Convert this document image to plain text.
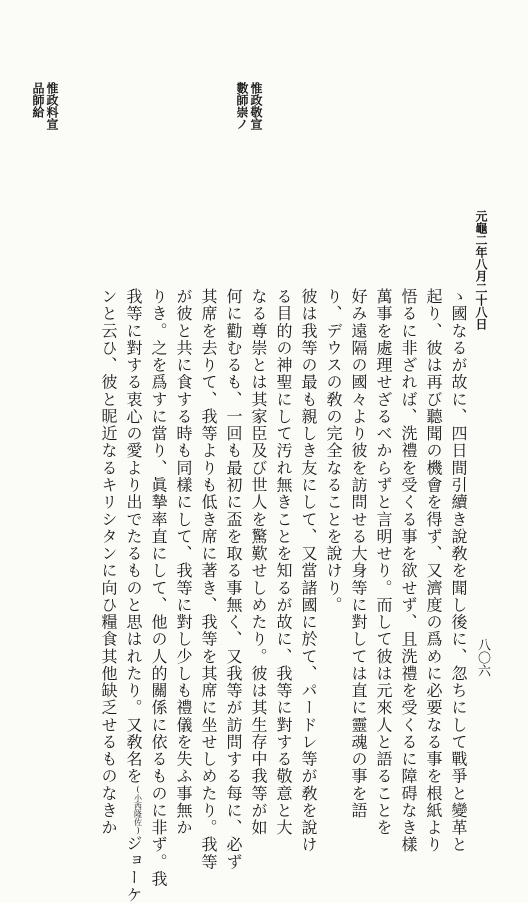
數師崇ノ 惟政敬宣
品師給 惟政料宣
元龜二年八月二十八日
八〇六
ゝ國なるが故に、四日間引續き說敎を聞し後に、忽ちにして戰爭と變革と
起り、彼は再び聽聞の機會を得ず、又濟度の爲めに必要なる事を根紙より
悟るに非ざれば、洗禮を受くる事を欲せず、且洗禮を受くるに障碍なき樣
萬事を處理せざるべからずと言明せり。而して彼は元來人と語ることを
好み遠隔の國々より彼を訪問せる大身等に對しては直に靈魂の事を語
り、デウスの敎の完全なることを說けり。
彼は我等の最も親しき友にして、又當諸國に於て、パードレ等が敎を說け
る目的の神聖にして汚れ無きことを知るが故に、我等に對する敬意と大
なる尊崇とは其家臣及び世人を驚歎せしめたり。彼は其生存中我等が如
何に勸むるも、一回も最初に盃を取る事無く、又我等が訪問する每に、必ず
其席を去りて、我等よりも低き席に著き、我等を其席に坐せしめたり。我等
が彼と共に食する時も同樣にして、我等に對し少しも禮儀を失ふ事無か
りき。之を爲すに當り、眞摯率直にして、他の人的關係に依るものに非ず。我
我等に對する衷心の愛より出でたるものと思はれたり。又敎名を(小西隆佐)ジョーケ
ンと云ひ、彼と昵近なるキリシタンに向ひ糧食其他缺乏せるものなきか
